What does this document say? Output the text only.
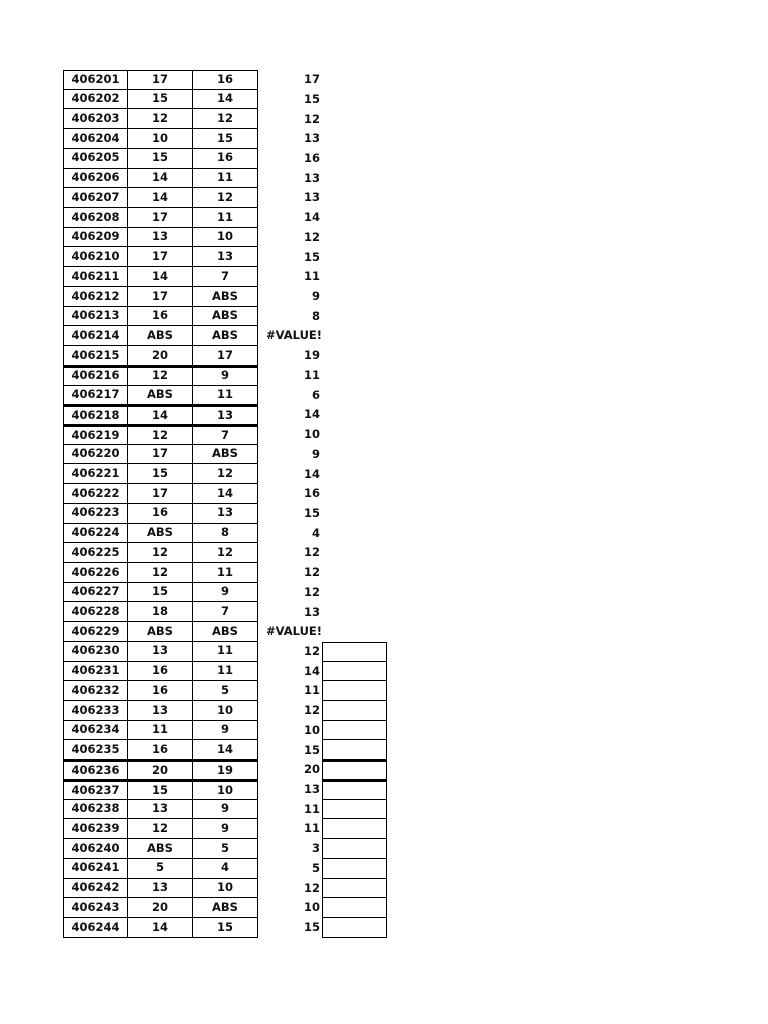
406201	17	16	17
406202	15	14	15
406203	12	12	12
406204	10	15	13
406205	15	16	16
406206	14	11	13
406207	14	12	13
406208	17	11	14
406209	13	10	12
406210	17	13	15
406211	14	7	11
406212	17	ABS	9
406213	16	ABS	8
406214	ABS	ABS	#VALUE!
406215	20	17	19
406216	12	9	11
406217	ABS	11	6
406218	14	13	14
406219	12	7	10
406220	17	ABS	9
406221	15	12	14
406222	17	14	16
406223	16	13	15
406224	ABS	8	4
406225	12	12	12
406226	12	11	12
406227	15	9	12
406228	18	7	13
406229	ABS	ABS	#VALUE!
406230	13	11	12
406231	16	11	14
406232	16	5	11
406233	13	10	12
406234	11	9	10
406235	16	14	15
406236	20	19	20
406237	15	10	13
406238	13	9	11
406239	12	9	11
406240	ABS	5	3
406241	5	4	5
406242	13	10	12
406243	20	ABS	10
406244	14	15	15
